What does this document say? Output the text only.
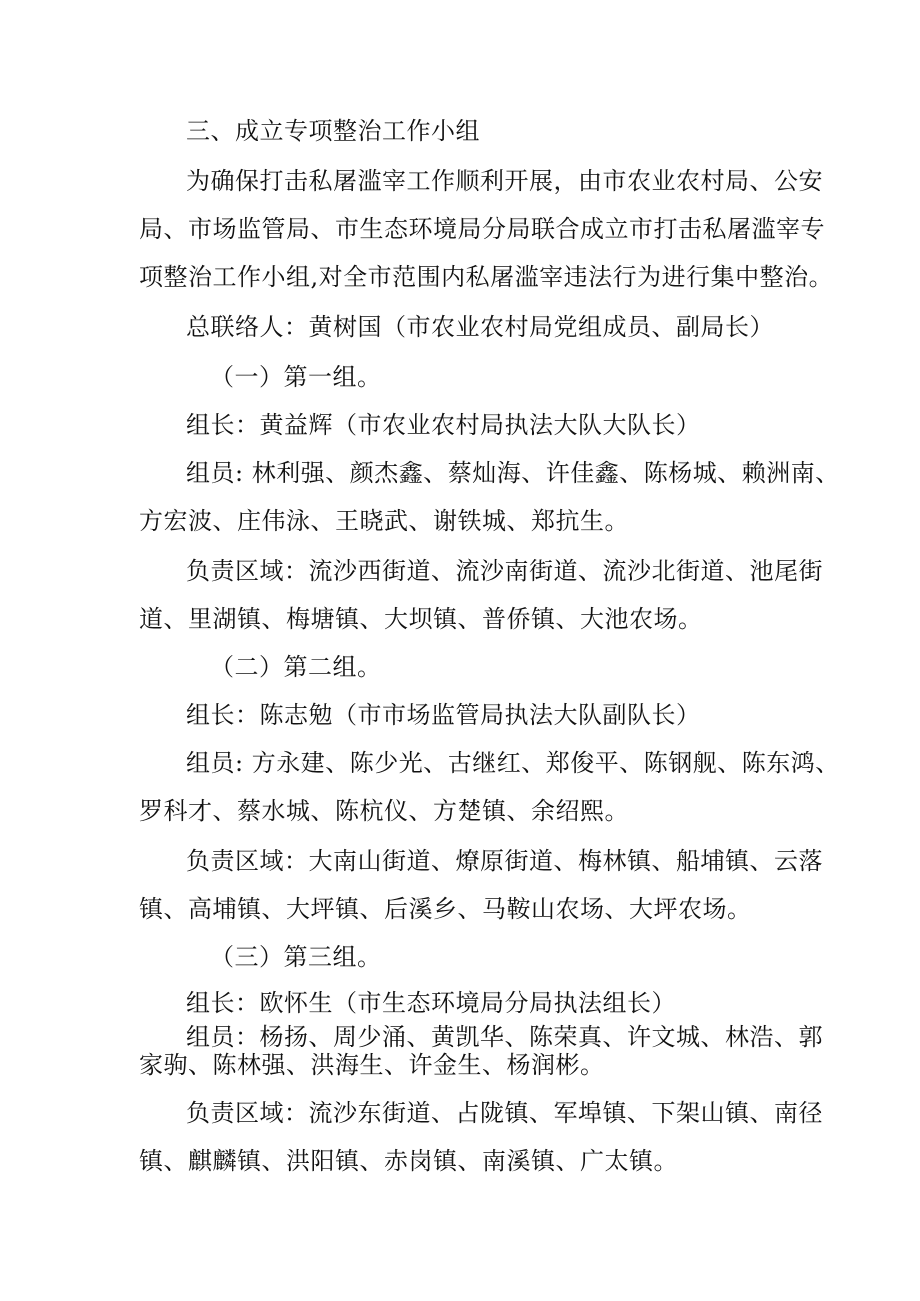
三、成立专项整治工作小组
为确保打击私屠滥宰工作顺利开展，由市农业农村局、公安
局、市场监管局、市生态环境局分局联合成立市打击私屠滥宰专
项整治工作小组,对全市范围内私屠滥宰违法行为进行集中整治。
总联络人：黄树国（市农业农村局党组成员、副局长）
（一）第一组。
组长：黄益辉（市农业农村局执法大队大队长）
组员: 林利强、颜杰鑫、蔡灿海、许佳鑫、陈杨城、赖洲南、
方宏波、庄伟泳、王晓武、谢铁城、郑抗生。
负责区域：流沙西街道、流沙南街道、流沙北街道、池尾街
道、里湖镇、梅塘镇、大坝镇、普侨镇、大池农场。
（二）第二组。
组长：陈志勉（市市场监管局执法大队副队长）
组员: 方永建、陈少光、古继红、郑俊平、陈钢舰、陈东鸿、
罗科才、蔡水城、陈杭仪、方楚镇、余绍熙。
负责区域：大南山街道、燎原街道、梅林镇、船埔镇、云落
镇、高埔镇、大坪镇、后溪乡、马鞍山农场、大坪农场。
（三）第三组。
组长：欧怀生（市生态环境局分局执法组长）
组员：杨扬、周少涌、黄凯华、陈荣真、许文城、林浩、郭
家驹、陈林强、洪海生、许金生、杨润彬。
负责区域：流沙东街道、占陇镇、军埠镇、下架山镇、南径
镇、麒麟镇、洪阳镇、赤岗镇、南溪镇、广太镇。
